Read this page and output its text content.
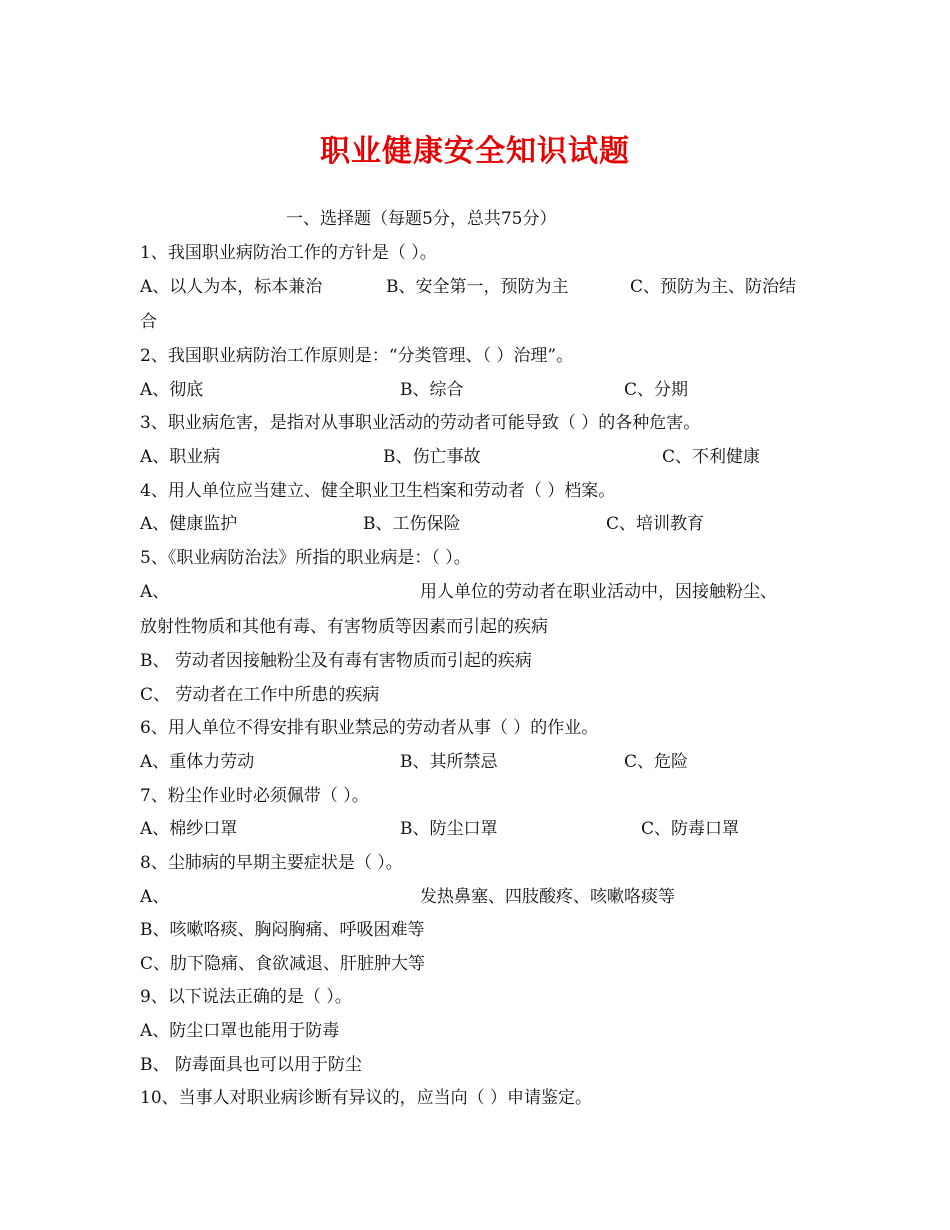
职业健康安全知识试题
一、选择题（每题5分，总共75分）
1、我国职业病防治工作的方针是（ ）。
A、以人为本，标本兼治	B、安全第一，预防为主	C、预防为主、防治结
合
2、我国职业病防治工作原则是：“分类管理、（ ）治理”。
A、彻底	B、综合	C、分期
3、职业病危害，是指对从事职业活动的劳动者可能导致（ ）的各种危害。
A、职业病	B、伤亡事故	C、不利健康
4、用人单位应当建立、健全职业卫生档案和劳动者（ ）档案。
A、健康监护	B、工伤保险	C、培训教育
5、《职业病防治法》所指的职业病是：（ ）。
A、	用人单位的劳动者在职业活动中，因接触粉尘、
放射性物质和其他有毒、有害物质等因素而引起的疾病
B、 劳动者因接触粉尘及有毒有害物质而引起的疾病
C、 劳动者在工作中所患的疾病
6、用人单位不得安排有职业禁忌的劳动者从事（ ）的作业。
A、重体力劳动	B、其所禁忌	C、危险
7、粉尘作业时必须佩带（ ）。
A、棉纱口罩	B、防尘口罩	C、防毒口罩
8、尘肺病的早期主要症状是（ ）。
A、	发热鼻塞、四肢酸疼、咳嗽咯痰等
B、咳嗽咯痰、胸闷胸痛、呼吸困难等
C、肋下隐痛、食欲减退、肝脏肿大等
9、以下说法正确的是（ ）。
A、防尘口罩也能用于防毒
B、 防毒面具也可以用于防尘
10、当事人对职业病诊断有异议的，应当向（ ）申请鉴定。
